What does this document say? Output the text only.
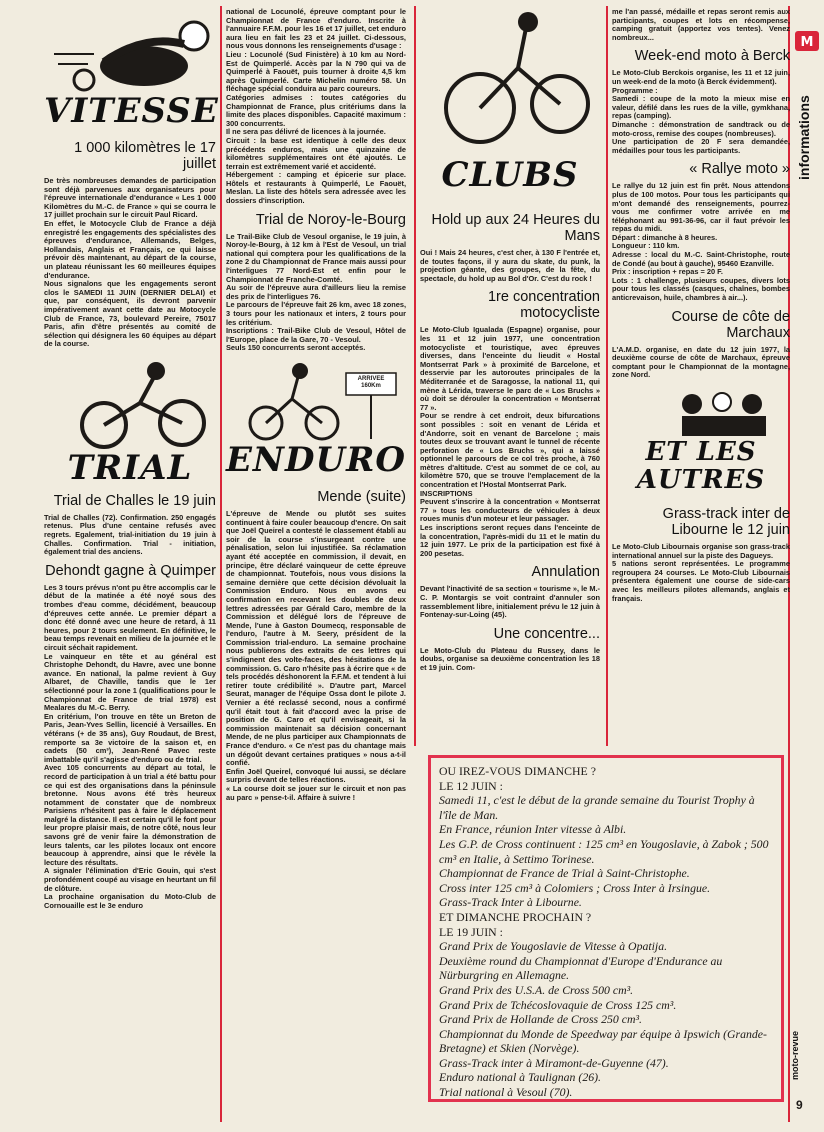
informations
M
moto-revue
9
VITESSE
1 000 kilomètres le 17 juillet
De très nombreuses demandes de participation sont déjà parvenues aux organisateurs pour l'épreuve internationale d'endurance « Les 1 000 Kilomètres du M.-C. de France » qui se courra le 17 juillet prochain sur le circuit Paul Ricard.
En effet, le Motocycle Club de France a déjà enregistré les engagements des spécialistes des épreuves d'endurance, Allemands, Belges, Hollandais, Anglais et Français, ce qui laisse prévoir dès maintenant, au départ de la course, un plateau réunissant les 60 meilleures équipes d'endurance.
Nous signalons que les engagements seront clos le SAMEDI 11 JUIN (DERNIER DELAI) et que, par conséquent, ils devront parvenir impérativement avant cette date au Motocycle Club de France, 73, boulevard Pereire, 75017 Paris, afin d'être présentés au comité de sélection qui désignera les 60 équipes au départ de la course.
TRIAL
Trial de Challes le 19 juin
Trial de Challes (72). Confirmation. 250 engagés retenus. Plus d'une centaine refusés avec regrets. Egalement, trial-initiation du 19 juin à Challes. Confirmation. Trial - initiation, également trial des anciens.
Dehondt gagne à Quimper
Les 3 tours prévus n'ont pu être accomplis car le début de la matinée a été noyé sous des trombes d'eau comme, décidément, beaucoup d'épreuves cette année. Le premier départ a donc été donné avec une heure de retard, à 11 heures, pour 2 tours seulement. En définitive, le beau temps revenait en milieu de la journée et le circuit séchait rapidement.
Le vainqueur en tête et au général est Christophe Dehondt, du Havre, avec une bonne avance. En national, la palme revient à Guy Albaret, de Chaville, tandis que le 1er sélectionné pour la zone 1 (qualifications pour le Championnat de France de trial 1978) est Mealares du M.-C. Berry.
En critérium, l'on trouve en tête un Breton de Paris, Jean-Yves Sellin, licencié à Versailles. En vétérans (+ de 35 ans), Guy Roudaut, de Brest, remporte sa 3e victoire de la saison et, en cadets (50 cm³), Jean-René Pavec reste imbattable qu'il s'agisse d'enduro ou de trial.
Avec 105 concurrents au départ au total, le record de participation à un trial a été battu pour ce qui est des organisations dans la péninsule bretonne. Nous avons été très heureux notamment de constater que de nombreux Parisiens n'hésitent pas à faire le déplacement malgré la distance. Il est certain qu'il le font pour leur propre plaisir mais, de notre côté, nous leur savons gré de venir faire la démonstration de leurs talents, car les pilotes locaux ont encore beaucoup à apprendre, ainsi que le révèle la lecture des résultats.
A signaler l'élimination d'Eric Gouin, qui s'est profondément coupé au visage en heurtant un fil de clôture.
La prochaine organisation du Moto-Club de Cornouaille est le 3e enduro
national de Locunolé, épreuve comptant pour le Championnat de France d'enduro. Inscrite à l'annuaire F.F.M. pour les 16 et 17 juillet, cet enduro aura lieu en fait les 23 et 24 juillet. Ci-dessous, nous vous donnons les renseignements d'usage :
Lieu : Locunolé (Sud Finistère) à 10 km au Nord-Est de Quimperlé. Accès par la N 790 qui va de Quimperlé à Faouët, puis tourner à droite 4,5 km après Quimperlé. Carte Michelin numéro 58. Un fléchage spécial conduira au parc coureurs.
Catégories admises : toutes catégories du Championnat de France, plus critériums dans la limite des places disponibles. Capacité maximum : 300 concurrents.
Il ne sera pas délivré de licences à la journée.
Circuit : la base est identique à celle des deux précédents enduros, mais une quinzaine de kilomètres supplémentaires ont été ajoutés. Le terrain est extrêmement varié et accidenté.
Hébergement : camping et épicerie sur place. Hôtels et restaurants à Quimperlé, Le Faouët, Meslan. La liste des hôtels sera adressée avec les dossiers d'inscription.
Trial de Noroy-le-Bourg
Le Trail-Bike Club de Vesoul organise, le 19 juin, à Noroy-le-Bourg, à 12 km à l'Est de Vesoul, un trial national qui comptera pour les qualifications de la zone 2 du Championnat de France mais aussi pour l'interligues 77 Nord-Est et enfin pour le Championnat de Franche-Comté.
Au soir de l'épreuve aura d'ailleurs lieu la remise des prix de l'interligues 76.
Le parcours de l'épreuve fait 26 km, avec 18 zones, 3 tours pour les nationaux et inters, 2 tours pour les critérium.
Inscriptions : Trail-Bike Club de Vesoul, Hôtel de l'Europe, place de la Gare, 70 - Vesoul.
Seuls 150 concurrents seront acceptés.
ARRIVEE 160Km
ENDURO
Mende (suite)
L'épreuve de Mende ou plutôt ses suites continuent à faire couler beaucoup d'encre. On sait que Joël Queirel a contesté le classement établi au soir de la course s'insurgeant contre une pénalisation, selon lui injustifiée. Sa réclamation ayant été acceptée en commission, il devait, en principe, être déclaré vainqueur de cette épreuve de championnat. Toutefois, nous vous disions la semaine dernière que cette décision dévoluait la Commission Enduro. Nous en avons eu confirmation en recevant les doubles de deux lettres adressées par Gérald Caro, membre de la Commission et délégué lors de l'épreuve de Mende, l'une à Gaston Doumecq, responsable de l'enduro, l'autre à M. Seery, président de la Commission trial-enduro. La semaine prochaine nous publierons des extraits de ces lettres qui s'indignent des volte-faces, des hésitations de la commission. G. Caro n'hésite pas à écrire que « de tels procédés déshonorent la F.F.M. et tendent à lui retirer toute crédibilité ». D'autre part, Marcel Seurat, manager de l'équipe Ossa dont le pilote J. Vernier a été reclassé second, nous a confirmé qu'il était tout à fait d'accord avec la prise de position de G. Caro et qu'il envisageait, si la commission maintenait sa décision concernant Mende, de ne plus participer aux Championnats de France d'enduro. « Ce n'est pas du chantage mais un dégoût devant certaines pratiques » nous a-t-il confié.
Enfin Joël Queirel, convoqué lui aussi, se déclare surpris devant de telles réactions.
« La course doit se jouer sur le circuit et non pas au parc » pense-t-il. Affaire à suivre !
CLUBS
Hold up aux 24 Heures du Mans
Oui ! Mais 24 heures, c'est cher, à 130 F l'entrée et, de toutes façons, il y aura du skate, du punk, la projection géante, des groupes, de la fête, du spectacle, du hold up au Bol d'Or. C'est du rock !
1re concentration motocycliste
Le Moto-Club Igualada (Espagne) organise, pour les 11 et 12 juin 1977, une concentration motocycliste et touristique, avec épreuves diverses, dans l'enceinte du lieudit « Hostal Montserrat Park » à proximité de Barcelone, et desservie par les autoroutes principales de la Méditerranée et de Saragosse, la national 11, qui mène à Lérida, traverse le parc de « Los Bruchs » où doit se dérouler la concentration « Montserrat 77 ».
Pour se rendre à cet endroit, deux bifurcations sont possibles : soit en venant de Lérida et d'Andorre, soit en venant de Barcelone ; mais toutes deux se trouvant avant le tunnel de récente perforation de « Los Bruchs », qui a laissé optionnel le parcours de ce col très proche, à 760 mètres d'altitude. C'est au sommet de ce col, au kilomètre 570, que se trouve l'emplacement de la concentration et l'Hostal Montserrat Park.
INSCRIPTIONS
Peuvent s'inscrire à la concentration « Montserrat 77 » tous les conducteurs de véhicules à deux roues munis d'un moteur et leur passager.
Les inscriptions seront reçues dans l'enceinte de la concentration, l'après-midi du 11 et le matin du 12 juin 1977. Le prix de la participation est fixé à 200 pesetas.
Annulation
Devant l'inactivité de sa section « tourisme », le M.-C. P. Montargis se voit contraint d'annuler son rassemblement libre, initialement prévu le 12 juin à Fontenay-sur-Loing (45).
Une concentre...
Le Moto-Club du Plateau du Russey, dans le doubs, organise sa deuxième concentration les 18 et 19 juin. Com-
me l'an passé, médaille et repas seront remis aux participants, coupes et lots en récompense, camping gratuit (apportez vos tentes). Venez nombreux...
Week-end moto à Berck
Le Moto-Club Berckois organise, les 11 et 12 juin, un week-end de la moto (à Berck évidemment).
Programme :
Samedi : coupe de la moto la mieux mise en valeur, défilé dans les rues de la ville, gymkhana, repas (camping).
Dimanche : démonstration de sandtrack ou de moto-cross, remise des coupes (nombreuses).
Une participation de 20 F sera demandée, médailles pour tous les participants.
« Rallye moto »
Le rallye du 12 juin est fin prêt. Nous attendons plus de 100 motos. Pour tous les participants qui m'ont demandé des renseignements, pourrez-vous me confirmer votre arrivée en me téléphonant au 991-36-96, car il faut prévoir les repas du midi.
Départ : dimanche à 8 heures.
Longueur : 110 km.
Adresse : local du M.-C. Saint-Christophe, route de Condé (au bout à gauche), 95460 Ezanville.
Prix : inscription + repas = 20 F.
Lots : 1 challenge, plusieurs coupes, divers lots pour tous les classés (casques, chaînes, bombes anticrevaison, huile, chambres à air...).
Course de côte de Marchaux
L'A.M.D. organise, en date du 12 juin 1977, la deuxième course de côte de Marchaux, épreuve comptant pour le Championnat de la montagne, zone Nord.
ET LES AUTRES
Grass-track inter de Libourne le 12 juin
Le Moto-Club Libournais organise son grass-track international annuel sur la piste des Dagueys.
5 nations seront représentées. Le programme regroupera 24 courses. Le Moto-Club Libournais présentera également une course de side-cars avec les meilleurs pilotes allemands, anglais et français.
OU IREZ-VOUS DIMANCHE ?
LE 12 JUIN :
Samedi 11, c'est le début de la grande semaine du Tourist Trophy à l'île de Man.
En France, réunion Inter vitesse à Albi.
Les G.P. de Cross continuent : 125 cm³ en Yougoslavie, à Zabok ; 500 cm³ en Italie, à Settimo Torinese.
Championnat de France de Trial à Saint-Christophe.
Cross inter 125 cm³ à Colomiers ; Cross Inter à Irsingue.
Grass-Track Inter à Libourne.
ET DIMANCHE PROCHAIN ?
LE 19 JUIN :
Grand Prix de Yougoslavie de Vitesse à Opatija.
Deuxième round du Championnat d'Europe d'Endurance au Nürburgring en Allemagne.
Grand Prix des U.S.A. de Cross 500 cm³.
Grand Prix de Tchécoslovaquie de Cross 125 cm³.
Grand Prix de Hollande de Cross 250 cm³.
Championnat du Monde de Speedway par équipe à Ipswich (Grande-Bretagne) et Skien (Norvège).
Grass-Track inter à Miramont-de-Guyenne (47).
Enduro national à Taulignan (26).
Trial national à Vesoul (70).
